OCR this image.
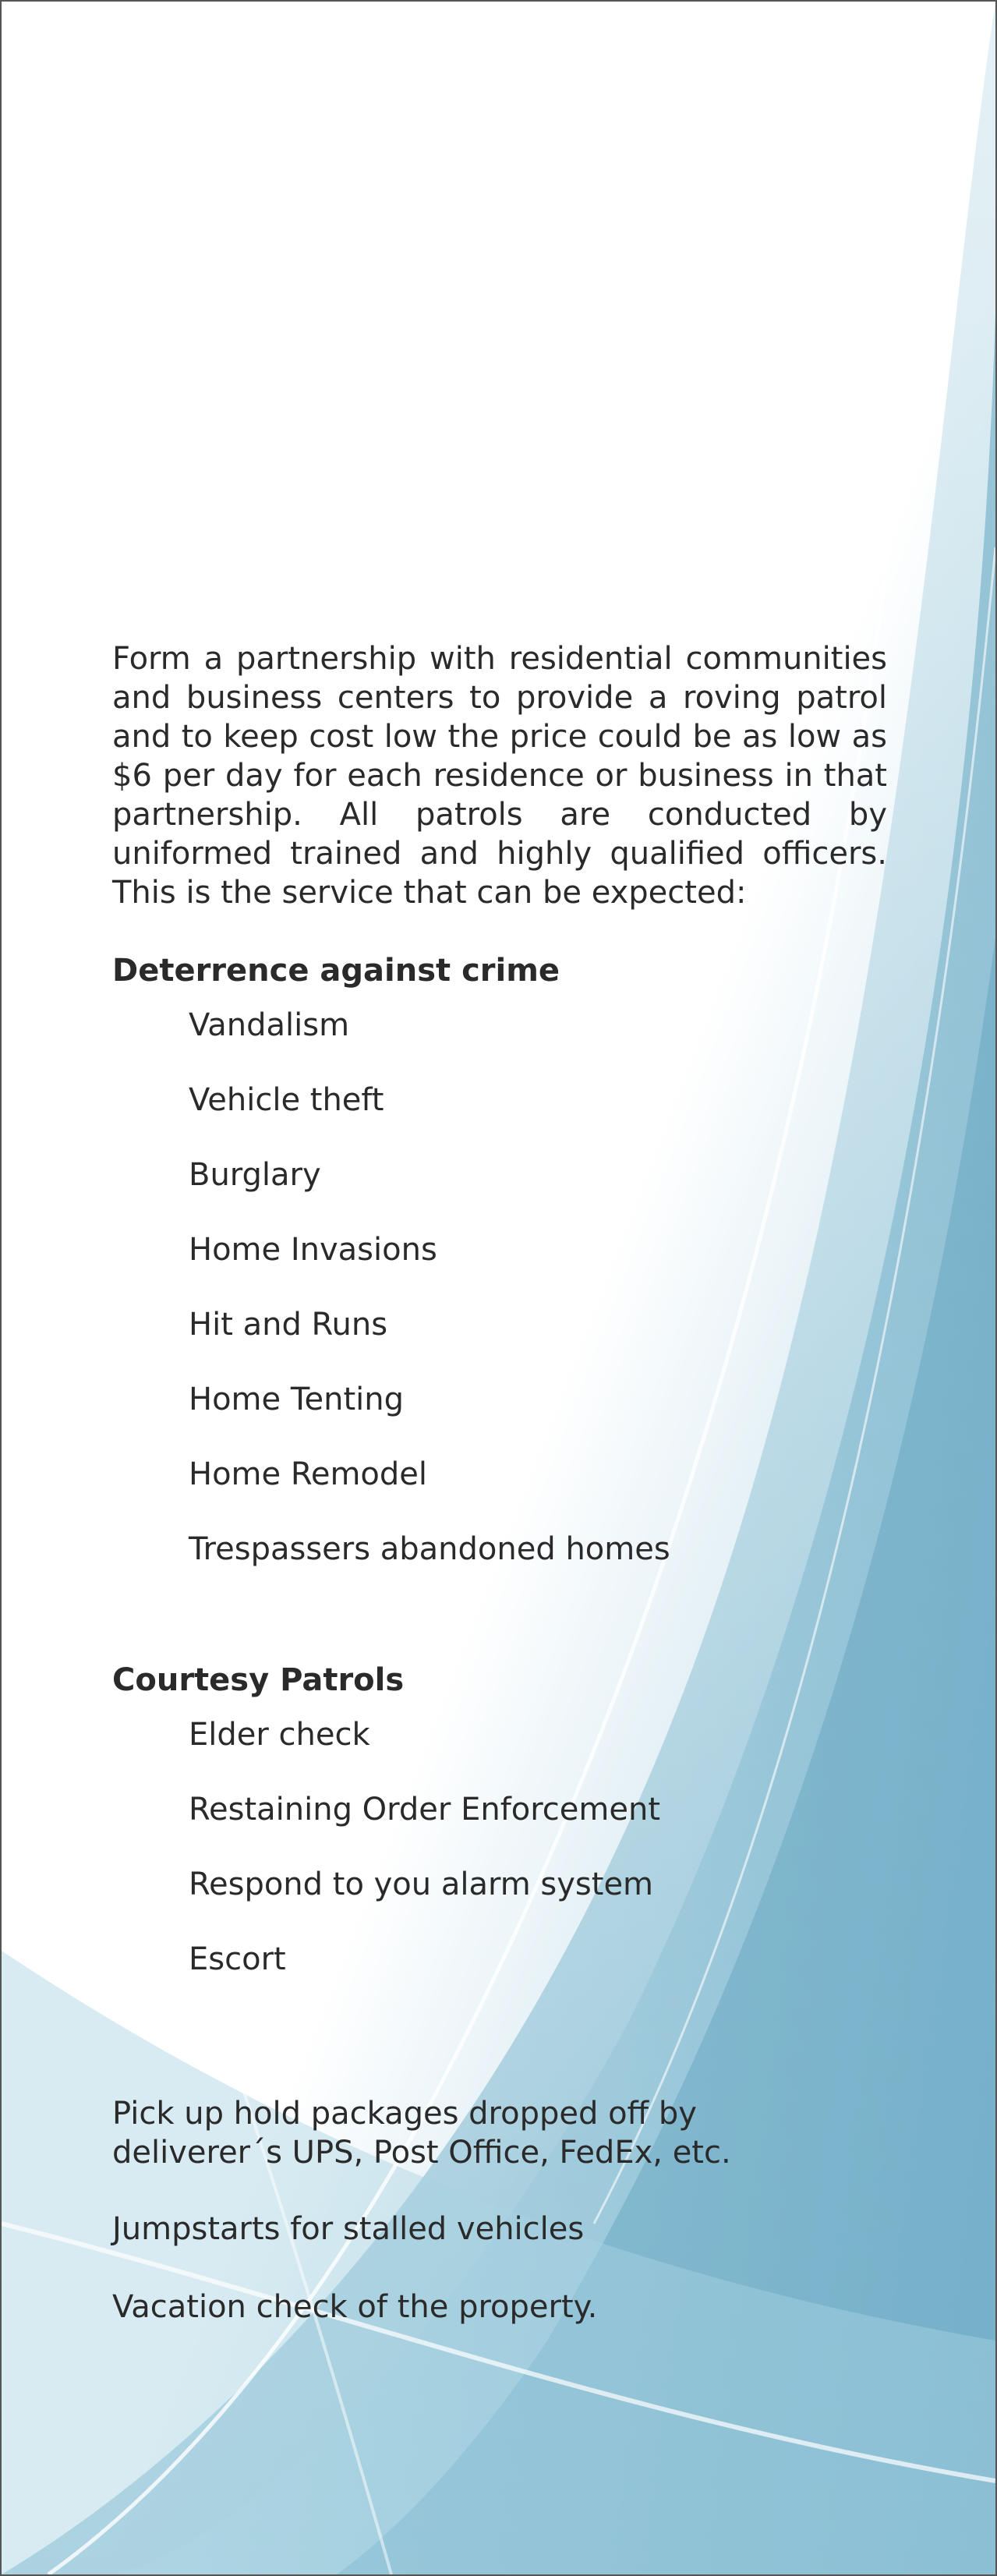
Form a partnership with residential communities and business centers to provide a roving patrol and to keep cost low the price could be as low as $6 per day for each residence or business in that partnership. All patrols are conducted by uniformed trained and highly qualified officers. This is the service that can be expected:

Deterrence against crime

Vandalism

Vehicle theft

Burglary

Home Invasions

Hit and Runs

Home Tenting

Home Remodel

Trespassers abandoned homes

Courtesy Patrols

Elder check

Restaining Order Enforcement

Respond to you alarm system

Escort

Pick up hold packages dropped off by deliverer´s UPS, Post Office, FedEx, etc.

Jumpstarts for stalled vehicles

Vacation check of the property.
